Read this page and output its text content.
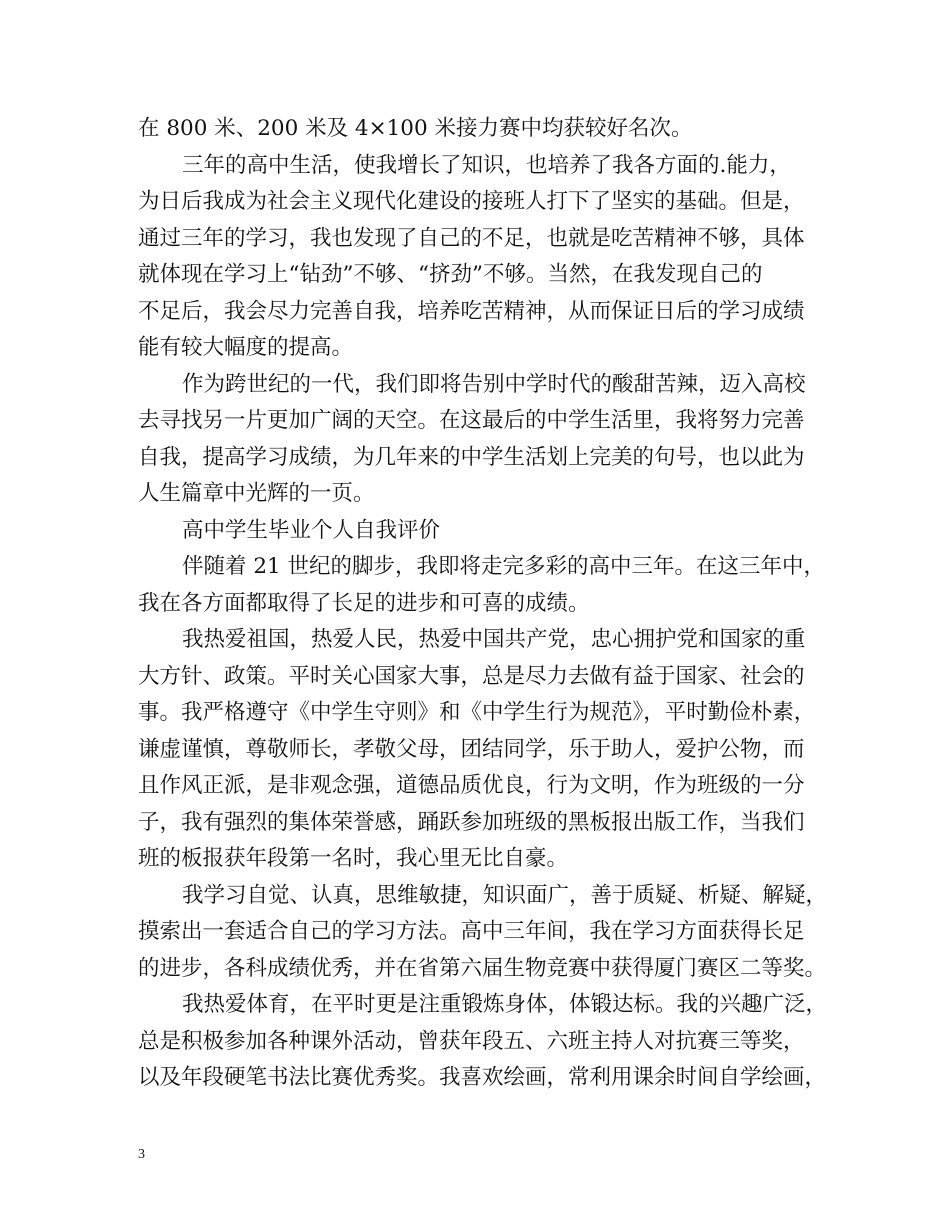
在 800 米、200 米及 4×100 米接力赛中均获较好名次。
三年的高中生活，使我增长了知识，也培养了我各方面的.能力，
为日后我成为社会主义现代化建设的接班人打下了坚实的基础。但是，
通过三年的学习，我也发现了自己的不足，也就是吃苦精神不够，具体
就体现在学习上“钻劲”不够、“挤劲”不够。当然，在我发现自己的
不足后，我会尽力完善自我，培养吃苦精神，从而保证日后的学习成绩
能有较大幅度的提高。
作为跨世纪的一代，我们即将告别中学时代的酸甜苦辣，迈入高校
去寻找另一片更加广阔的天空。在这最后的中学生活里，我将努力完善
自我，提高学习成绩，为几年来的中学生活划上完美的句号，也以此为
人生篇章中光辉的一页。
高中学生毕业个人自我评价
伴随着 21 世纪的脚步，我即将走完多彩的高中三年。在这三年中，
我在各方面都取得了长足的进步和可喜的成绩。
我热爱祖国，热爱人民，热爱中国共产党，忠心拥护党和国家的重
大方针、政策。平时关心国家大事，总是尽力去做有益于国家、社会的
事。我严格遵守《中学生守则》和《中学生行为规范》，平时勤俭朴素，
谦虚谨慎，尊敬师长，孝敬父母，团结同学，乐于助人，爱护公物，而
且作风正派，是非观念强，道德品质优良，行为文明，作为班级的一分
子，我有强烈的集体荣誉感，踊跃参加班级的黑板报出版工作，当我们
班的板报获年段第一名时，我心里无比自豪。
我学习自觉、认真，思维敏捷，知识面广，善于质疑、析疑、解疑，
摸索出一套适合自己的学习方法。高中三年间，我在学习方面获得长足
的进步，各科成绩优秀，并在省第六届生物竞赛中获得厦门赛区二等奖。
我热爱体育，在平时更是注重锻炼身体，体锻达标。我的兴趣广泛，
总是积极参加各种课外活动，曾获年段五、六班主持人对抗赛三等奖，
以及年段硬笔书法比赛优秀奖。我喜欢绘画，常利用课余时间自学绘画，
3
